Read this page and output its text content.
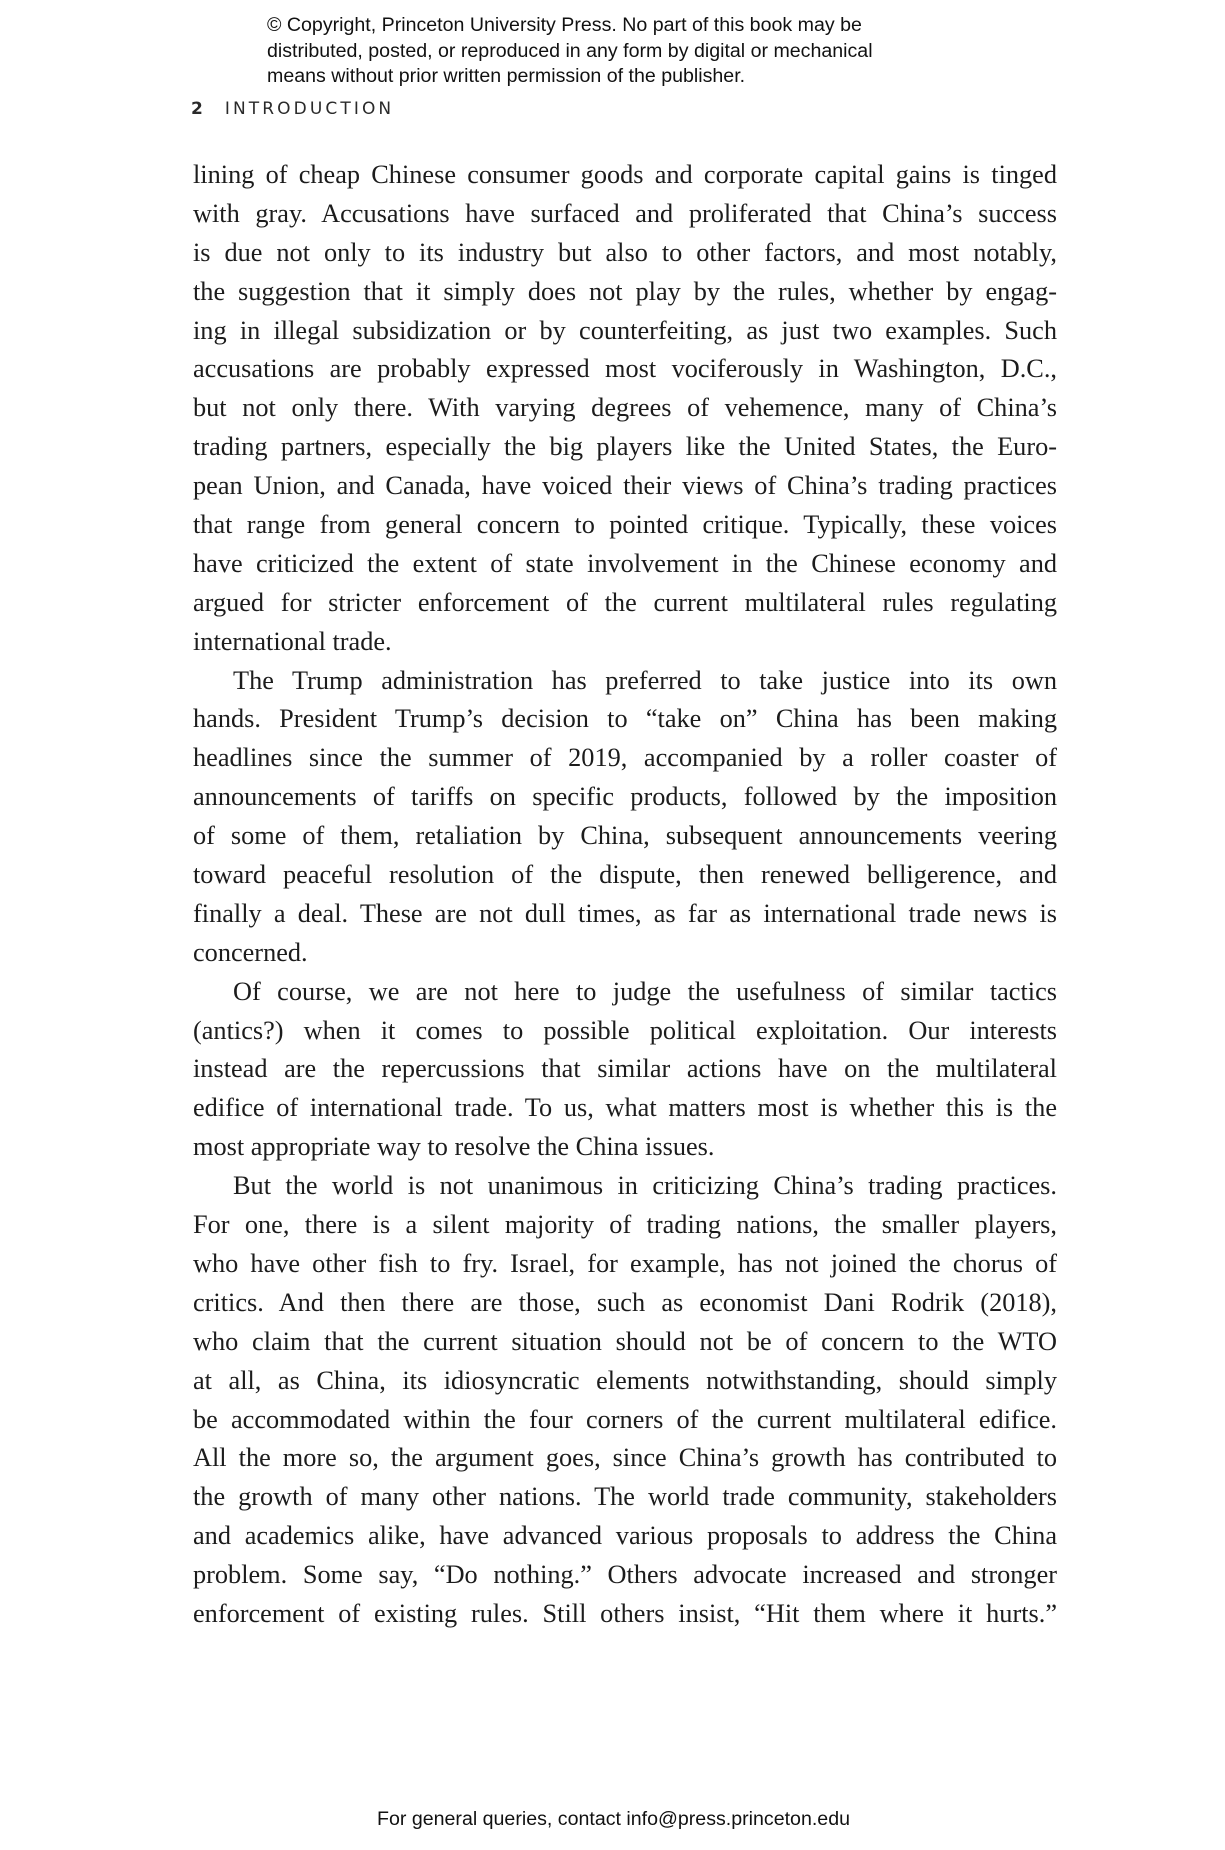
© Copyright, Princeton University Press. No part of this book may be
distributed, posted, or reproduced in any form by digital or mechanical
means without prior written permission of the publisher.
2 INTRODUCTION
lining of cheap Chinese consumer goods and corporate capital gains is tinged
with gray. Accusations have surfaced and proliferated that China’s success
is due not only to its industry but also to other factors, and most notably,
the suggestion that it simply does not play by the rules, whether by engag-
ing in illegal subsidization or by counterfeiting, as just two examples. Such
accusations are probably expressed most vociferously in Washington, D.C.,
but not only there. With varying degrees of vehemence, many of China’s
trading partners, especially the big players like the United States, the Euro-
pean Union, and Canada, have voiced their views of China’s trading practices
that range from general concern to pointed critique. Typically, these voices
have criticized the extent of state involvement in the Chinese economy and
argued for stricter enforcement of the current multilateral rules regulating
international trade.
The Trump administration has preferred to take justice into its own
hands. President Trump’s decision to “take on” China has been making
headlines since the summer of 2019, accompanied by a roller coaster of
announcements of tariffs on specific products, followed by the imposition
of some of them, retaliation by China, subsequent announcements veering
toward peaceful resolution of the dispute, then renewed belligerence, and
finally a deal. These are not dull times, as far as international trade news is
concerned.
Of course, we are not here to judge the usefulness of similar tactics
(antics?) when it comes to possible political exploitation. Our interests
instead are the repercussions that similar actions have on the multilateral
edifice of international trade. To us, what matters most is whether this is the
most appropriate way to resolve the China issues.
But the world is not unanimous in criticizing China’s trading practices.
For one, there is a silent majority of trading nations, the smaller players,
who have other fish to fry. Israel, for example, has not joined the chorus of
critics. And then there are those, such as economist Dani Rodrik (2018),
who claim that the current situation should not be of concern to the WTO
at all, as China, its idiosyncratic elements notwithstanding, should simply
be accommodated within the four corners of the current multilateral edifice.
All the more so, the argument goes, since China’s growth has contributed to
the growth of many other nations. The world trade community, stakeholders
and academics alike, have advanced various proposals to address the China
problem. Some say, “Do nothing.” Others advocate increased and stronger
enforcement of existing rules. Still others insist, “Hit them where it hurts.”
For general queries, contact info@press.princeton.edu
